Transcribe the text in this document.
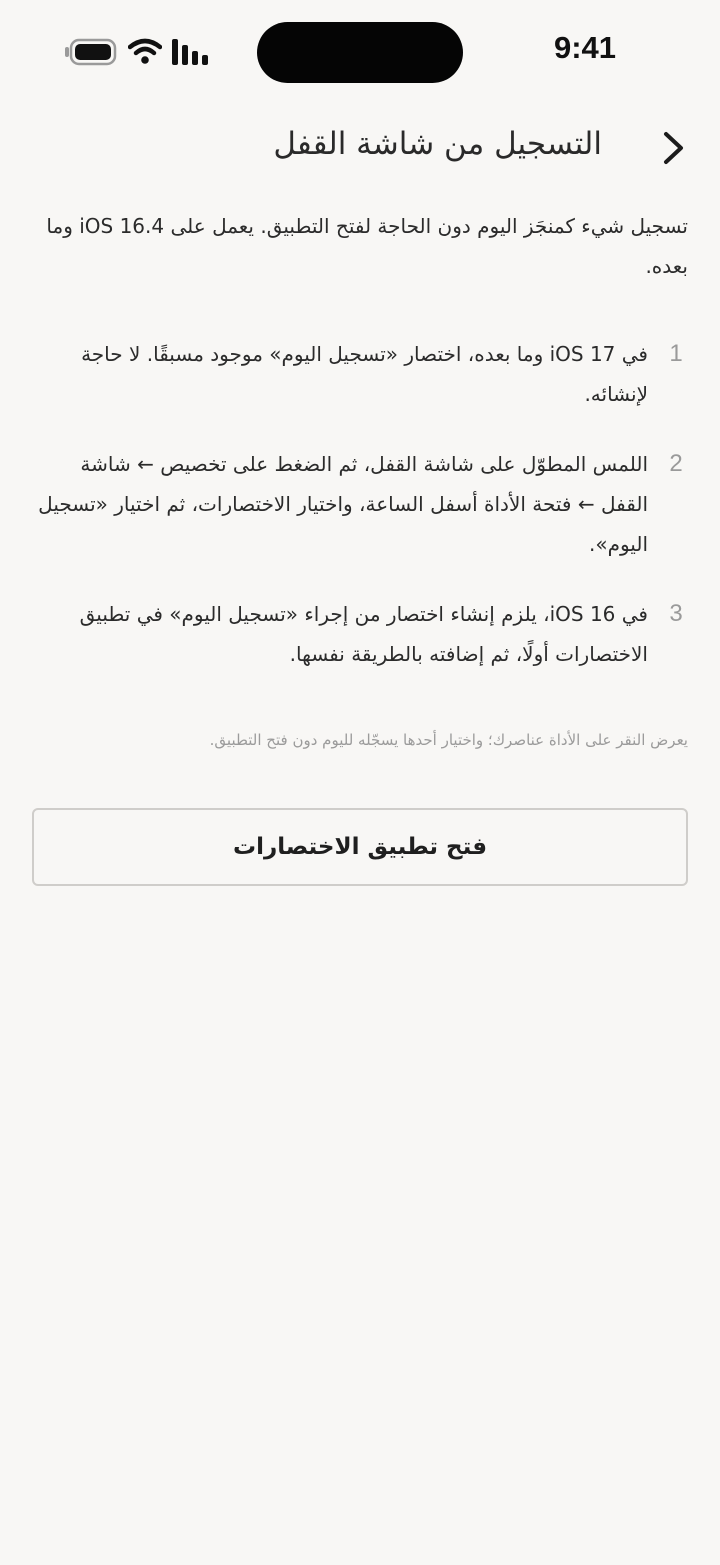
9:41
التسجيل من شاشة القفل

تسجيل شيء كمنجَز اليوم دون الحاجة لفتح التطبيق. يعمل على iOS 16.4 وما بعده.

1

في iOS 17 وما بعده، اختصار «تسجيل اليوم» موجود مسبقًا. لا حاجة لإنشائه.

2

اللمس المطوّل على شاشة القفل، ثم الضغط على تخصيص ← شاشة القفل ← فتحة الأداة أسفل الساعة، واختيار الاختصارات، ثم اختيار «تسجيل اليوم».

3

في iOS 16، يلزم إنشاء اختصار من إجراء «تسجيل اليوم» في تطبيق الاختصارات أولًا، ثم إضافته بالطريقة نفسها.

يعرض النقر على الأداة عناصرك؛ واختيار أحدها يسجّله لليوم دون فتح التطبيق.

فتح تطبيق الاختصارات
